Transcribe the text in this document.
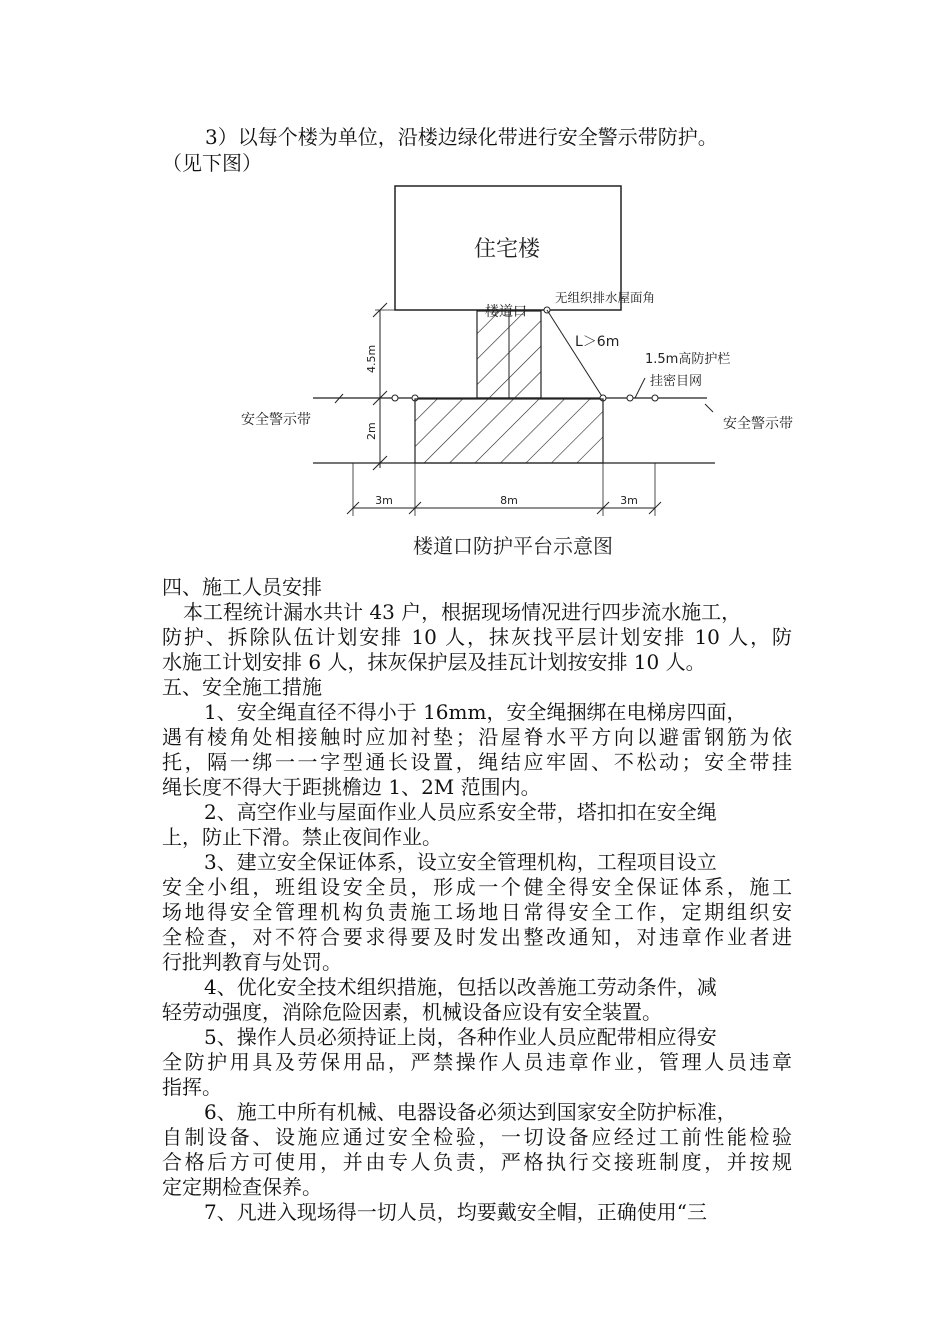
3）以每个楼为单位，沿楼边绿化带进行安全警示带防护。
（见下图）
住宅楼
楼道口
无组织排水屋面角
L＞6m
1.5m高防护栏
挂密目网
安全警示带	安全警示带
4.5m
2m
3m	8m	3m
楼道口防护平台示意图
四、施工人员安排
本工程统计漏水共计 43 户，根据现场情况进行四步流水施工，
防护、拆除队伍计划安排 10 人，抹灰找平层计划安排 10 人，防
水施工计划安排 6 人，抹灰保护层及挂瓦计划按安排 10 人。
五、安全施工措施
1、安全绳直径不得小于 16mm，安全绳捆绑在电梯房四面，
遇有棱角处相接触时应加衬垫；沿屋脊水平方向以避雷钢筋为依
托，隔一绑一一字型通长设置，绳结应牢固、不松动；安全带挂
绳长度不得大于距挑檐边 1、2M 范围内。
2、高空作业与屋面作业人员应系安全带，塔扣扣在安全绳
上，防止下滑。禁止夜间作业。
3、建立安全保证体系，设立安全管理机构，工程项目设立
安全小组，班组设安全员，形成一个健全得安全保证体系，施工
场地得安全管理机构负责施工场地日常得安全工作，定期组织安
全检查，对不符合要求得要及时发出整改通知，对违章作业者进
行批判教育与处罚。
4、优化安全技术组织措施，包括以改善施工劳动条件，减
轻劳动强度，消除危险因素，机械设备应设有安全装置。
5、操作人员必须持证上岗，各种作业人员应配带相应得安
全防护用具及劳保用品，严禁操作人员违章作业，管理人员违章
指挥。
6、施工中所有机械、电器设备必须达到国家安全防护标准，
自制设备、设施应通过安全检验，一切设备应经过工前性能检验
合格后方可使用，并由专人负责，严格执行交接班制度，并按规
定定期检查保养。
7、凡进入现场得一切人员，均要戴安全帽，正确使用“三
